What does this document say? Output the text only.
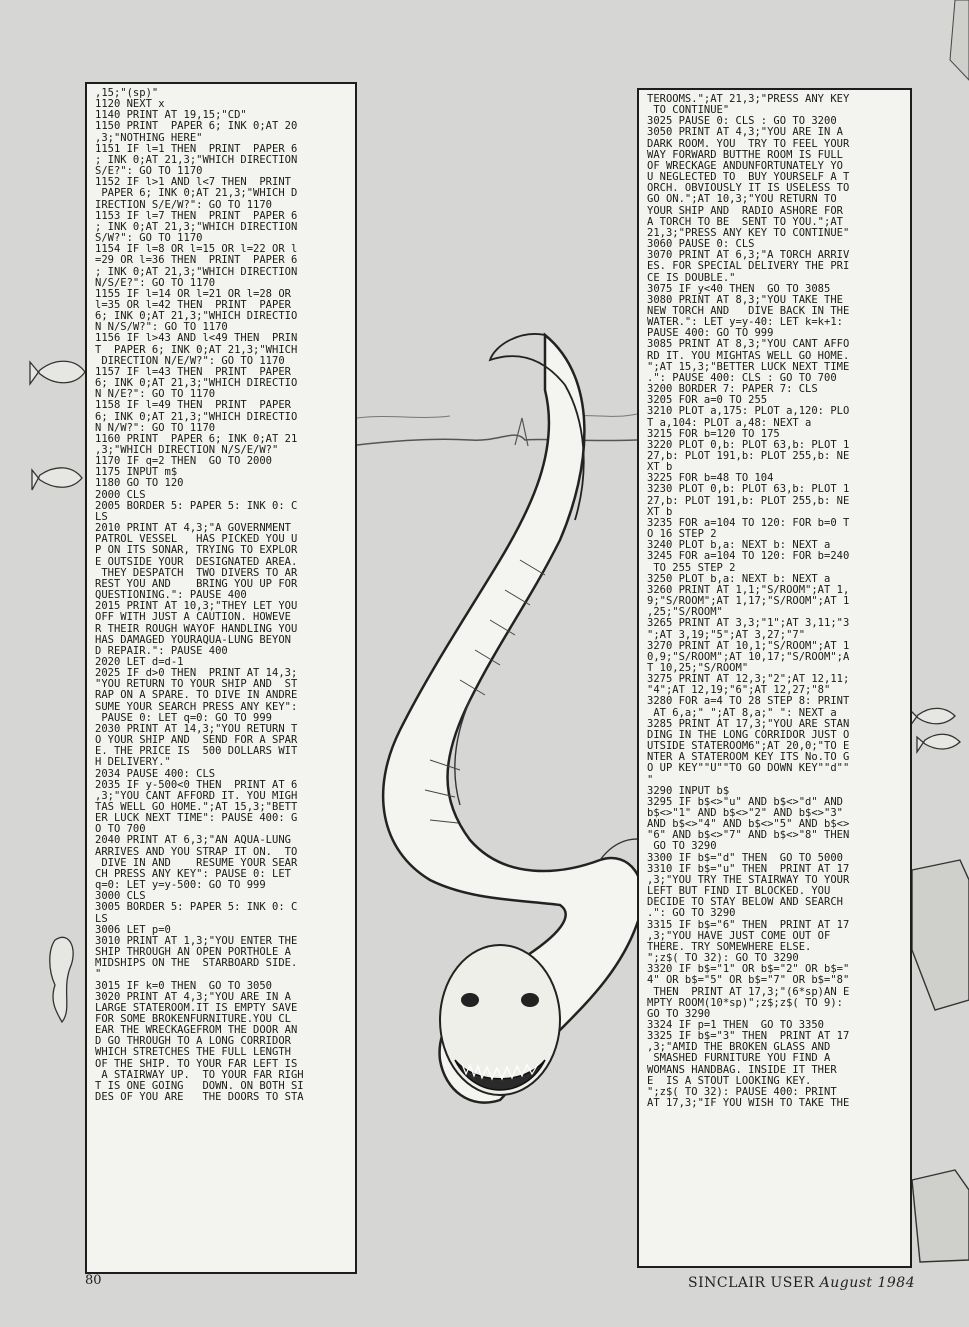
,15;"(sp)"
1120 NEXT x
1140 PRINT AT 19,15;"CD"
1150 PRINT  PAPER 6; INK 0;AT 20
,3;"NOTHING HERE"
1151 IF l=1 THEN  PRINT  PAPER 6
; INK 0;AT 21,3;"WHICH DIRECTION
S/E?": GO TO 1170
1152 IF l>1 AND l<7 THEN  PRINT
PAPER 6; INK 0;AT 21,3;"WHICH D
IRECTION S/E/W?": GO TO 1170
1153 IF l=7 THEN  PRINT  PAPER 6
; INK 0;AT 21,3;"WHICH DIRECTION
S/W?": GO TO 1170
1154 IF l=8 OR l=15 OR l=22 OR l
=29 OR l=36 THEN  PRINT  PAPER 6
; INK 0;AT 21,3;"WHICH DIRECTION
N/S/E?": GO TO 1170
1155 IF l=14 OR l=21 OR l=28 OR
l=35 OR l=42 THEN  PRINT  PAPER
6; INK 0;AT 21,3;"WHICH DIRECTIO
N N/S/W?": GO TO 1170
1156 IF l>43 AND l<49 THEN  PRIN
T  PAPER 6; INK 0;AT 21,3;"WHICH
DIRECTION N/E/W?": GO TO 1170
1157 IF l=43 THEN  PRINT  PAPER
6; INK 0;AT 21,3;"WHICH DIRECTIO
N N/E?": GO TO 1170
1158 IF l=49 THEN  PRINT  PAPER
6; INK 0;AT 21,3;"WHICH DIRECTIO
N N/W?": GO TO 1170
1160 PRINT  PAPER 6; INK 0;AT 21
,3;"WHICH DIRECTION N/S/E/W?"
1170 IF q=2 THEN  GO TO 2000
1175 INPUT m$
1180 GO TO 120
2000 CLS
2005 BORDER 5: PAPER 5: INK 0: C
LS
2010 PRINT AT 4,3;"A GOVERNMENT
PATROL VESSEL   HAS PICKED YOU U
P ON ITS SONAR, TRYING TO EXPLOR
E OUTSIDE YOUR  DESIGNATED AREA.
THEY DESPATCH  TWO DIVERS TO AR
REST YOU AND    BRING YOU UP FOR
QUESTIONING.": PAUSE 400
2015 PRINT AT 10,3;"THEY LET YOU
OFF WITH JUST A CAUTION. HOWEVE
R THEIR ROUGH WAYOF HANDLING YOU
HAS DAMAGED YOURAQUA-LUNG BEYON
D REPAIR.": PAUSE 400
2020 LET d=d-1
2025 IF d>0 THEN  PRINT AT 14,3;
"YOU RETURN TO YOUR SHIP AND  ST
RAP ON A SPARE. TO DIVE IN ANDRE
SUME YOUR SEARCH PRESS ANY KEY":
PAUSE 0: LET q=0: GO TO 999
2030 PRINT AT 14,3;"YOU RETURN T
O YOUR SHIP AND  SEND FOR A SPAR
E. THE PRICE IS  500 DOLLARS WIT
H DELIVERY."
2034 PAUSE 400: CLS
2035 IF y-500<0 THEN  PRINT AT 6
,3;"YOU CANT AFFORD IT. YOU MIGH
TAS WELL GO HOME.";AT 15,3;"BETT
ER LUCK NEXT TIME": PAUSE 400: G
O TO 700
2040 PRINT AT 6,3;"AN AQUA-LUNG
ARRIVES AND YOU STRAP IT ON.  TO
DIVE IN AND    RESUME YOUR SEAR
CH PRESS ANY KEY": PAUSE 0: LET
q=0: LET y=y-500: GO TO 999
3000 CLS
3005 BORDER 5: PAPER 5: INK 0: C
LS
3006 LET p=0
3010 PRINT AT 1,3;"YOU ENTER THE
SHIP THROUGH AN OPEN PORTHOLE A
MIDSHIPS ON THE  STARBOARD SIDE.
"
3015 IF k=0 THEN  GO TO 3050
3020 PRINT AT 4,3;"YOU ARE IN A
LARGE STATEROOM.IT IS EMPTY SAVE
FOR SOME BROKENFURNITURE.YOU CL
EAR THE WRECKAGEFROM THE DOOR AN
D GO THROUGH TO A LONG CORRIDOR
WHICH STRETCHES THE FULL LENGTH
OF THE SHIP. TO YOUR FAR LEFT IS
A STAIRWAY UP.  TO YOUR FAR RIGH
T IS ONE GOING   DOWN. ON BOTH SI
DES OF YOU ARE   THE DOORS TO STA

TEROOMS.";AT 21,3;"PRESS ANY KEY
TO CONTINUE"
3025 PAUSE 0: CLS : GO TO 3200
3050 PRINT AT 4,3;"YOU ARE IN A
DARK ROOM. YOU  TRY TO FEEL YOUR
WAY FORWARD BUTTHE ROOM IS FULL
OF WRECKAGE ANDUNFORTUNATELY YO
U NEGLECTED TO  BUY YOURSELF A T
ORCH. OBVIOUSLY IT IS USELESS TO
GO ON.";AT 10,3;"YOU RETURN TO
YOUR SHIP AND  RADIO ASHORE FOR
A TORCH TO BE  SENT TO YOU.";AT
21,3;"PRESS ANY KEY TO CONTINUE"
3060 PAUSE 0: CLS
3070 PRINT AT 6,3;"A TORCH ARRIV
ES. FOR SPECIAL DELIVERY THE PRI
CE IS DOUBLE."
3075 IF y<40 THEN  GO TO 3085
3080 PRINT AT 8,3;"YOU TAKE THE
NEW TORCH AND   DIVE BACK IN THE
WATER.": LET y=y-40: LET k=k+1:
PAUSE 400: GO TO 999
3085 PRINT AT 8,3;"YOU CANT AFFO
RD IT. YOU MIGHTAS WELL GO HOME.
";AT 15,3;"BETTER LUCK NEXT TIME
.": PAUSE 400: CLS : GO TO 700
3200 BORDER 7: PAPER 7: CLS
3205 FOR a=0 TO 255
3210 PLOT a,175: PLOT a,120: PLO
T a,104: PLOT a,48: NEXT a
3215 FOR b=120 TO 175
3220 PLOT 0,b: PLOT 63,b: PLOT 1
27,b: PLOT 191,b: PLOT 255,b: NE
XT b
3225 FOR b=48 TO 104
3230 PLOT 0,b: PLOT 63,b: PLOT 1
27,b: PLOT 191,b: PLOT 255,b: NE
XT b
3235 FOR a=104 TO 120: FOR b=0 T
O 16 STEP 2
3240 PLOT b,a: NEXT b: NEXT a
3245 FOR a=104 TO 120: FOR b=240
TO 255 STEP 2
3250 PLOT b,a: NEXT b: NEXT a
3260 PRINT AT 1,1;"S/ROOM";AT 1,
9;"S/ROOM";AT 1,17;"S/ROOM";AT 1
,25;"S/ROOM"
3265 PRINT AT 3,3;"1";AT 3,11;"3
";AT 3,19;"5";AT 3,27;"7"
3270 PRINT AT 10,1;"S/ROOM";AT 1
0,9;"S/ROOM";AT 10,17;"S/ROOM";A
T 10,25;"S/ROOM"
3275 PRINT AT 12,3;"2";AT 12,11;
"4";AT 12,19;"6";AT 12,27;"8"
3280 FOR a=4 TO 28 STEP 8: PRINT
AT 6,a;" ";AT 8,a;" ": NEXT a
3285 PRINT AT 17,3;"YOU ARE STAN
DING IN THE LONG CORRIDOR JUST O
UTSIDE STATEROOM6";AT 20,0;"TO E
NTER A STATEROOM KEY ITS No.TO G
O UP KEY""U""TO GO DOWN KEY""d""
"
3290 INPUT b$
3295 IF b$<>"u" AND b$<>"d" AND
b$<>"1" AND b$<>"2" AND b$<>"3"
AND b$<>"4" AND b$<>"5" AND b$<>
"6" AND b$<>"7" AND b$<>"8" THEN
GO TO 3290
3300 IF b$="d" THEN  GO TO 5000
3310 IF b$="u" THEN  PRINT AT 17
,3;"YOU TRY THE STAIRWAY TO YOUR
LEFT BUT FIND IT BLOCKED. YOU
DECIDE TO STAY BELOW AND SEARCH
.": GO TO 3290
3315 IF b$="6" THEN  PRINT AT 17
,3;"YOU HAVE JUST COME OUT OF
THERE. TRY SOMEWHERE ELSE.
";z$( TO 32): GO TO 3290
3320 IF b$="1" OR b$="2" OR b$="
4" OR b$="5" OR b$="7" OR b$="8"
THEN  PRINT AT 17,3;"(6*sp)AN E
MPTY ROOM(10*sp)";z$;z$( TO 9):
GO TO 3290
3324 IF p=1 THEN  GO TO 3350
3325 IF b$="3" THEN  PRINT AT 17
,3;"AMID THE BROKEN GLASS AND
SMASHED FURNITURE YOU FIND A
WOMANS HANDBAG. INSIDE IT THER
E  IS A STOUT LOOKING KEY.
";z$( TO 32): PAUSE 400: PRINT
AT 17,3;"IF YOU WISH TO TAKE THE

80	SINCLAIR USER August 1984
